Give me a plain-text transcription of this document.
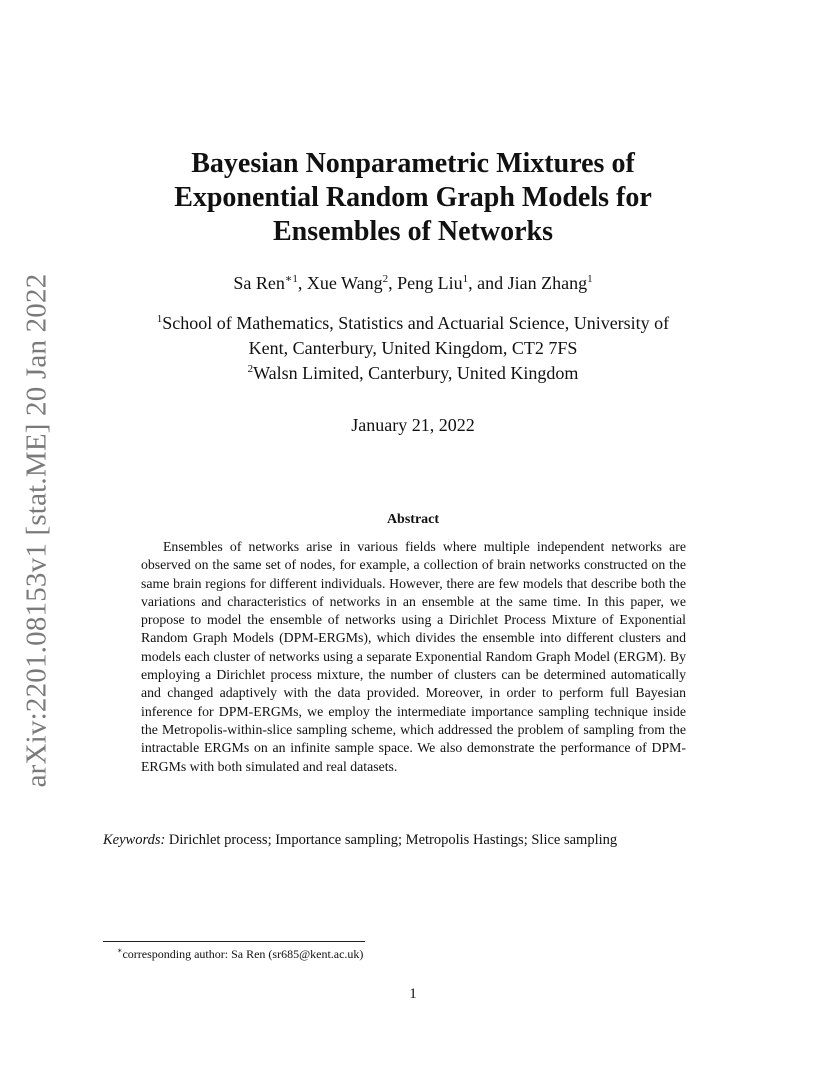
arXiv:2201.08153v1 [stat.ME] 20 Jan 2022
Bayesian Nonparametric Mixtures of
Exponential Random Graph Models for
Ensembles of Networks
Sa Ren$^{∗1}$, Xue Wang$^2$, Peng Liu$^1$, and Jian Zhang$^1$
$^1$School of Mathematics, Statistics and Actuarial Science, University of
Kent, Canterbury, United Kingdom, CT2 7FS
$^2$Walsn Limited, Canterbury, United Kingdom
January 21, 2022
Abstract
Ensembles of networks arise in various fields where multiple independent networks are observed on the same set of nodes, for example, a collection of brain networks constructed on the same brain regions for different individuals. However, there are few models that describe both the variations and characteristics of networks in an ensemble at the same time. In this paper, we propose to model the ensemble of networks using a Dirichlet Process Mixture of Exponential Random Graph Models (DPM-ERGMs), which divides the ensemble into different clusters and models each cluster of networks using a separate Exponential Random Graph Model (ERGM). By employing a Dirichlet process mixture, the number of clusters can be determined automatically and changed adaptively with the data provided. Moreover, in order to perform full Bayesian inference for DPM-ERGMs, we employ the intermediate importance sampling technique inside the Metropolis-within-slice sampling scheme, which addressed the problem of sampling from the intractable ERGMs on an infinite sample space. We also demonstrate the performance of DPM-ERGMs with both simulated and real datasets.
Keywords: Dirichlet process; Importance sampling; Metropolis Hastings; Slice sampling
∗corresponding author: Sa Ren (sr685@kent.ac.uk)
1
